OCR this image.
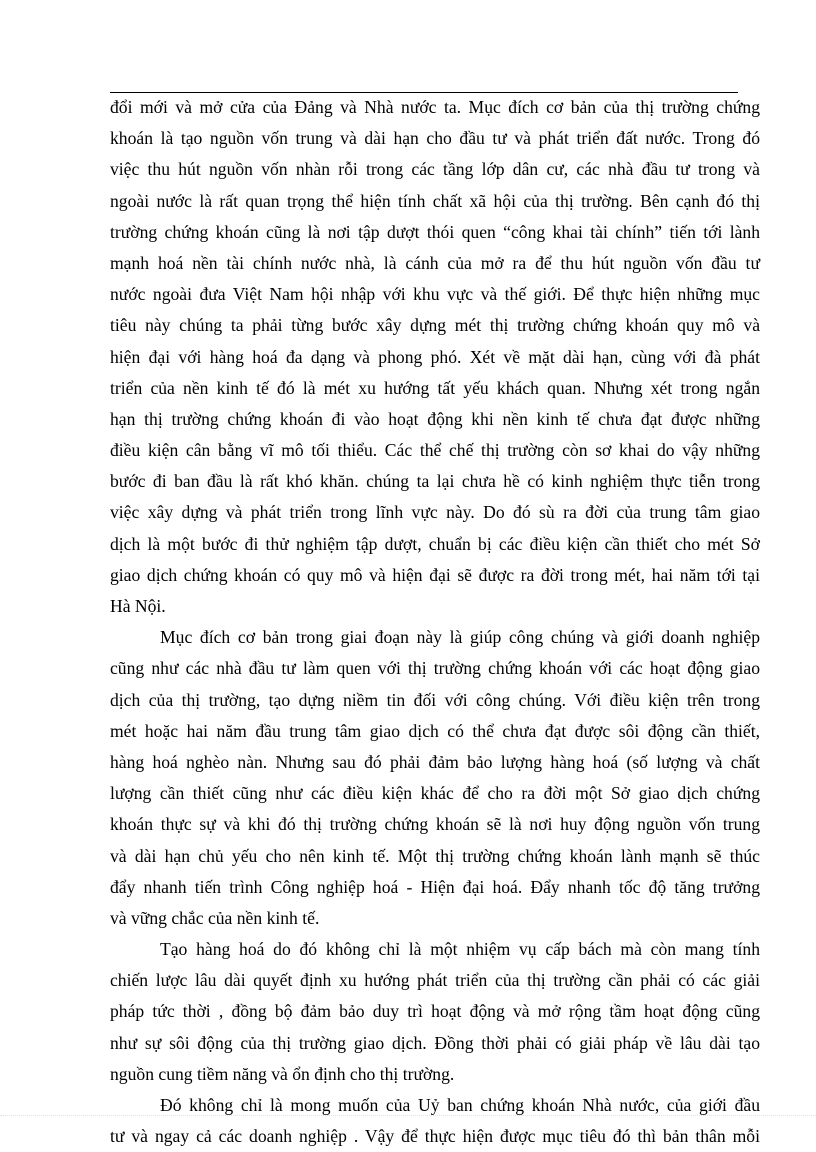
đổi mới và mở cửa của Đảng và Nhà nước ta. Mục đích cơ bản của thị trường chứng
khoán là tạo nguồn vốn trung và dài hạn cho đầu tư và phát triển đất nước. Trong đó
việc thu hút nguồn vốn nhàn rỗi trong các tầng lớp dân cư, các nhà đầu tư trong và
ngoài nước là rất quan trọng thể hiện tính chất xã hội của thị trường. Bên cạnh đó thị
trường chứng khoán cũng là nơi tập dượt thói quen “công khai tài chính” tiến tới lành
mạnh hoá nền tài chính nước nhà, là cánh của mở ra để thu hút nguồn vốn đầu tư
nước ngoài đưa Việt Nam hội nhập với khu vực và thế giới. Để thực hiện những mục
tiêu này chúng ta phải từng bước xây dựng mét thị trường chứng khoán quy mô và
hiện đại với hàng hoá đa dạng và phong phó. Xét về mặt dài hạn, cùng với đà phát
triển của nền kinh tế đó là mét xu hướng tất yếu khách quan. Nhưng xét trong ngắn
hạn thị trường chứng khoán đi vào hoạt động khi nền kinh tế chưa đạt được những
điều kiện cân bằng vĩ mô tối thiểu. Các thể chế thị trường còn sơ khai do vậy những
bước đi ban đầu là rất khó khăn. chúng ta lại chưa hề có kinh nghiệm thực tiễn trong
việc xây dựng và phát triển trong lĩnh vực này. Do đó sù ra đời của trung tâm giao
dịch là một bước đi thử nghiệm tập dượt, chuẩn bị các điều kiện cần thiết cho mét Sở
giao dịch chứng khoán có quy mô và hiện đại sẽ được ra đời trong mét, hai năm tới tại
Hà Nội.
Mục đích cơ bản trong giai đoạn này là giúp công chúng và giới doanh nghiệp
cũng như các nhà đầu tư làm quen với thị trường chứng khoán với các hoạt động giao
dịch của thị trường, tạo dựng niềm tin đối với công chúng. Với điều kiện trên trong
mét hoặc hai năm đầu trung tâm giao dịch có thể chưa đạt được sôi động cần thiết,
hàng hoá nghèo nàn. Nhưng sau đó phải đảm bảo lượng hàng hoá (số lượng và chất
lượng cần thiết cũng như các điều kiện khác để cho ra đời một Sở giao dịch chứng
khoán thực sự và khi đó thị trường chứng khoán sẽ là nơi huy động nguồn vốn trung
và dài hạn chủ yếu cho nên kinh tế. Một thị trường chứng khoán lành mạnh sẽ thúc
đẩy nhanh tiến trình Công nghiệp hoá - Hiện đại hoá. Đẩy nhanh tốc độ tăng trưởng
và vững chắc của nền kinh tế.
Tạo hàng hoá do đó không chỉ là một nhiệm vụ cấp bách mà còn mang tính
chiến lược lâu dài quyết định xu hướng phát triển của thị trường cần phải có các giải
pháp tức thời , đồng bộ đảm bảo duy trì hoạt động và mở rộng tầm hoạt động cũng
như sự sôi động của thị trường giao dịch. Đồng thời phải có giải pháp về lâu dài tạo
nguồn cung tiềm năng và ổn định cho thị trường.
Đó không chỉ là mong muốn của Uỷ ban chứng khoán Nhà nước, của giới đầu
tư và ngay cả các doanh nghiệp . Vậy để thực hiện được mục tiêu đó thì bản thân mỗi
